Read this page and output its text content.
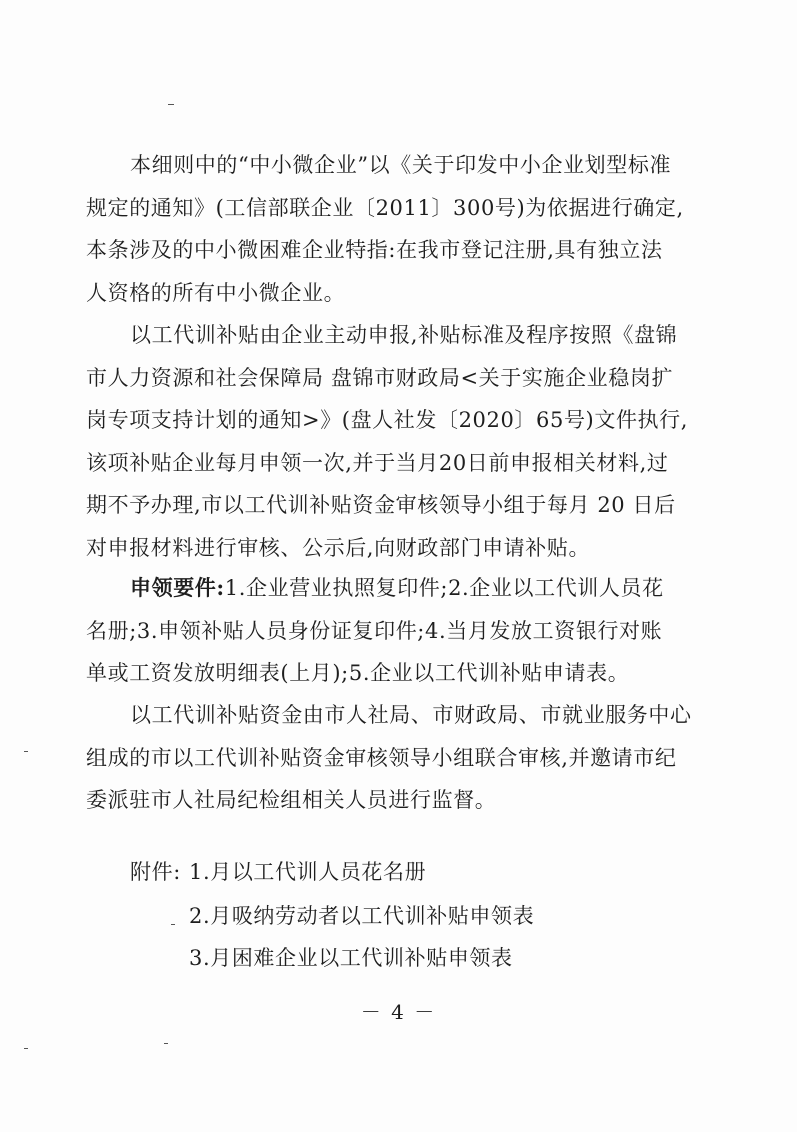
本细则中的“中小微企业”以《关于印发中小企业划型标准
规定的通知》(工信部联企业〔2011〕300号)为依据进行确定,
本条涉及的中小微困难企业特指:在我市登记注册,具有独立法
人资格的所有中小微企业。
以工代训补贴由企业主动申报,补贴标准及程序按照《盘锦
市人力资源和社会保障局 盘锦市财政局<关于实施企业稳岗扩
岗专项支持计划的通知>》(盘人社发〔2020〕65号)文件执行,
该项补贴企业每月申领一次,并于当月20日前申报相关材料,过
期不予办理,市以工代训补贴资金审核领导小组于每月 20 日后
对申报材料进行审核、公示后,向财政部门申请补贴。
申领要件:1.企业营业执照复印件;2.企业以工代训人员花
名册;3.申领补贴人员身份证复印件;4.当月发放工资银行对账
单或工资发放明细表(上月);5.企业以工代训补贴申请表。
以工代训补贴资金由市人社局、市财政局、市就业服务中心
组成的市以工代训补贴资金审核领导小组联合审核,并邀请市纪
委派驻市人社局纪检组相关人员进行监督。
附件: 1.月以工代训人员花名册
2.月吸纳劳动者以工代训补贴申领表
3.月困难企业以工代训补贴申领表
－ 4 －
